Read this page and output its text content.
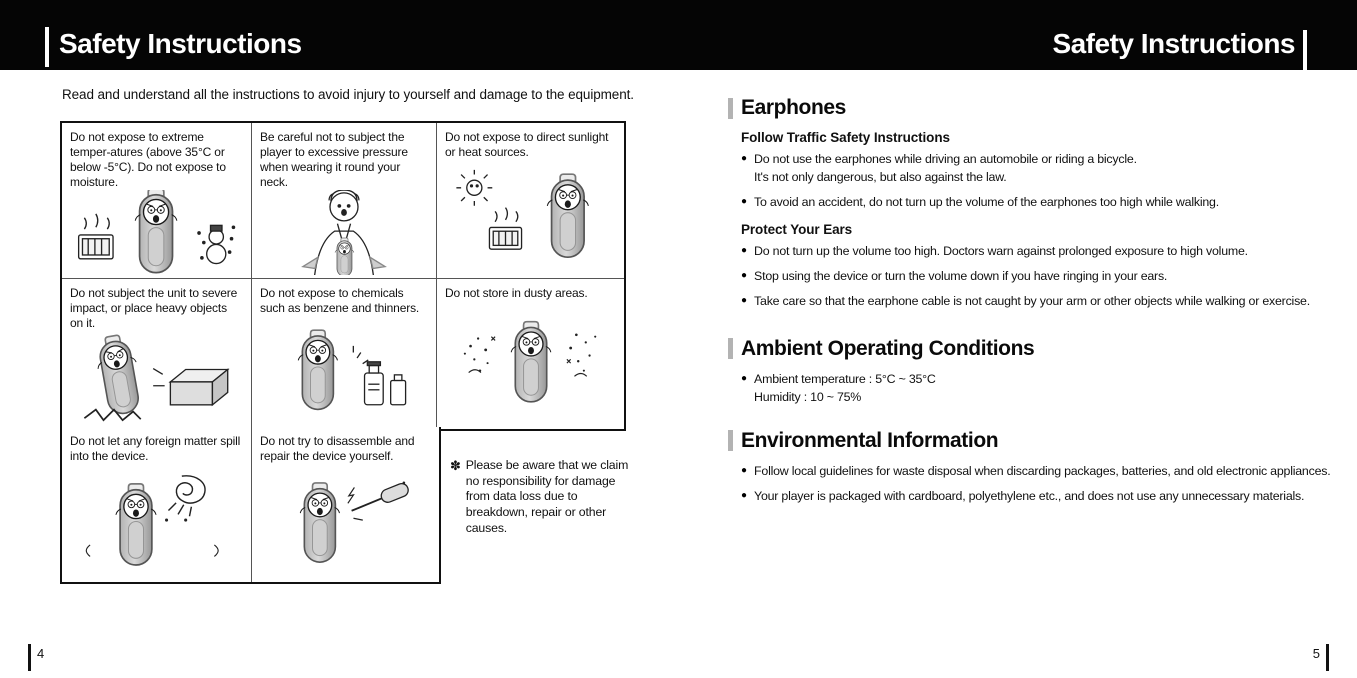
Safety Instructions	Safety Instructions
Read and understand all the instructions to avoid injury to yourself and damage to the equipment.
Do not expose to extreme temper-atures (above 35°C or below -5°C). Do not expose to moisture.
Be careful not to subject the player to excessive pressure when wearing it round your neck.
Do not expose to direct sunlight or heat sources.
Do not subject the unit to severe impact, or place heavy objects on it.
Do not expose to chemicals such as benzene and thinners.
Do not store in dusty areas.
Do not let any foreign matter spill into the device.
Do not try to disassemble and repair the device yourself.
✽ Please be aware that we claim no responsibility for damage from data loss due to breakdown, repair or other causes.
Earphones
Follow Traffic Safety Instructions
● Do not use the earphones while driving an automobile or riding a bicycle.
It's not only dangerous, but also against the law.
● To avoid an accident, do not turn up the volume of the earphones too high while walking.
Protect Your Ears
● Do not turn up the volume too high. Doctors warn against prolonged exposure to high volume.
● Stop using the device or turn the volume down if you have ringing in your ears.
● Take care so that the earphone cable is not caught by your arm or other objects while walking or exercise.
Ambient Operating Conditions
● Ambient temperature : 5°C ~ 35°C
Humidity : 10 ~ 75%
Environmental Information
● Follow local guidelines for waste disposal when discarding packages, batteries, and old electronic appliances.
● Your player is packaged with cardboard, polyethylene etc., and does not use any unnecessary materials.
4	5
